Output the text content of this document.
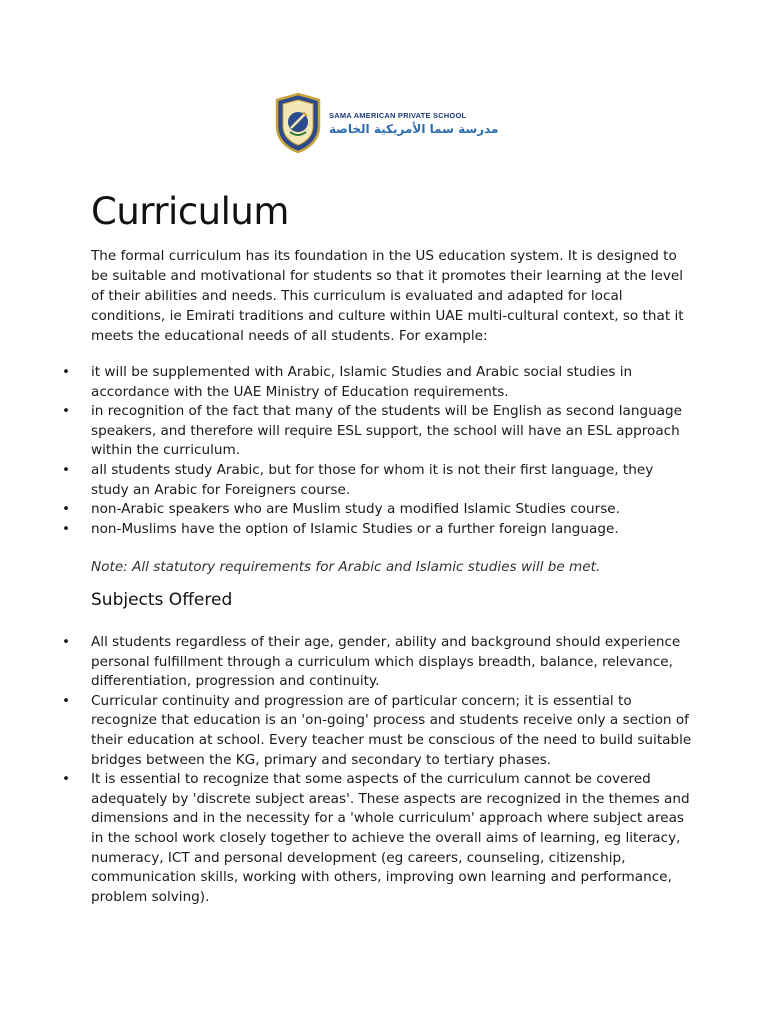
SAMA AMERICAN PRIVATE SCHOOL
مدرسة سما الأمريكية الخاصة
Curriculum

The formal curriculum has its foundation in the US education system. It is designed to be suitable and motivational for students so that it promotes their learning at the level of their abilities and needs. This curriculum is evaluated and adapted for local conditions, ie Emirati traditions and culture within UAE multi-cultural context, so that it meets the educational needs of all students. For example:

• it will be supplemented with Arabic, Islamic Studies and Arabic social studies in accordance with the UAE Ministry of Education requirements.
• in recognition of the fact that many of the students will be English as second language speakers, and therefore will require ESL support, the school will have an ESL approach within the curriculum.
• all students study Arabic, but for those for whom it is not their first language, they study an Arabic for Foreigners course.
• non-Arabic speakers who are Muslim study a modified Islamic Studies course.
• non-Muslims have the option of Islamic Studies or a further foreign language.

Note: All statutory requirements for Arabic and Islamic studies will be met.

Subjects Offered
• All students regardless of their age, gender, ability and background should experience personal fulfillment through a curriculum which displays breadth, balance, relevance, differentiation, progression and continuity.
• Curricular continuity and progression are of particular concern; it is essential to recognize that education is an 'on-going' process and students receive only a section of their education at school. Every teacher must be conscious of the need to build suitable bridges between the KG, primary and secondary to tertiary phases.
• It is essential to recognize that some aspects of the curriculum cannot be covered adequately by 'discrete subject areas'. These aspects are recognized in the themes and dimensions and in the necessity for a 'whole curriculum' approach where subject areas in the school work closely together to achieve the overall aims of learning, eg literacy, numeracy, ICT and personal development (eg careers, counseling, citizenship, communication skills, working with others, improving own learning and performance, problem solving).
